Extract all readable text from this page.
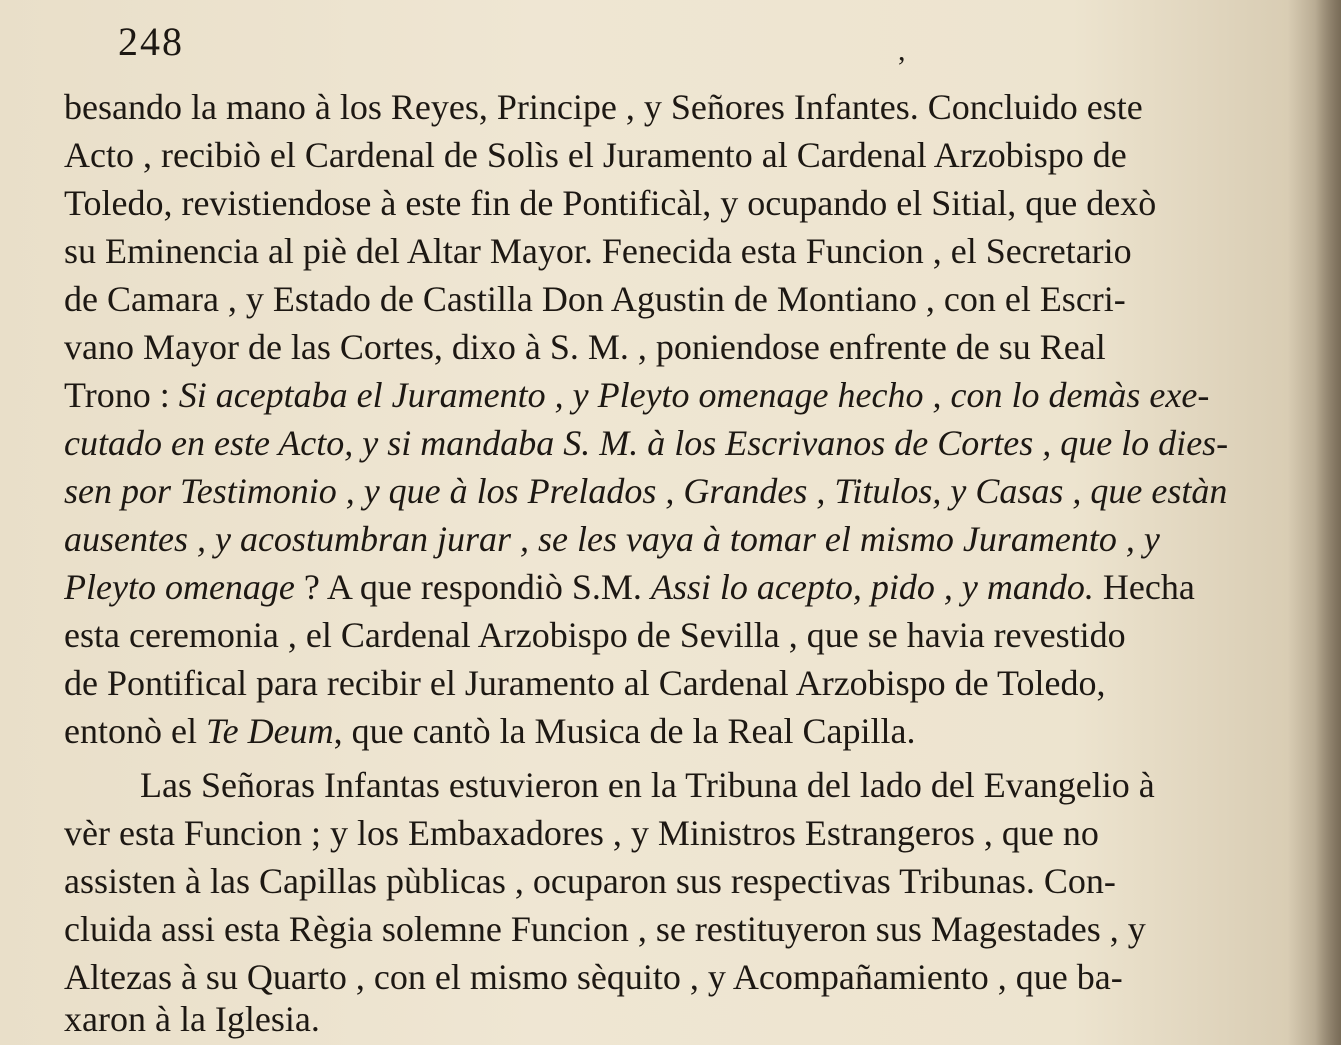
248	,
besando la mano à los Reyes, Principe , y Señores Infantes. Concluido este
Acto , recibiò el Cardenal de Solìs el Juramento al Cardenal Arzobispo de
Toledo, revistiendose à este fin de Pontificàl, y ocupando el Sitial, que dexò
su Eminencia al piè del Altar Mayor. Fenecida esta Funcion , el Secretario
de Camara , y Estado de Castilla Don Agustin de Montiano , con el Escri-
vano Mayor de las Cortes, dixo à S. M. , poniendose enfrente de su Real
Trono : Si aceptaba el Juramento , y Pleyto omenage hecho , con lo demàs exe-
cutado en este Acto, y si mandaba S. M. à los Escrivanos de Cortes , que lo dies-
sen por Testimonio , y que à los Prelados , Grandes , Titulos, y Casas , que estàn
ausentes , y acostumbran jurar , se les vaya à tomar el mismo Juramento , y
Pleyto omenage ? A que respondiò S.M. Assi lo acepto, pido , y mando. Hecha
esta ceremonia , el Cardenal Arzobispo de Sevilla , que se havia revestido
de Pontifical para recibir el Juramento al Cardenal Arzobispo de Toledo,
entonò el Te Deum, que cantò la Musica de la Real Capilla.
Las Señoras Infantas estuvieron en la Tribuna del lado del Evangelio à
vèr esta Funcion ; y los Embaxadores , y Ministros Estrangeros , que no
assisten à las Capillas pùblicas , ocuparon sus respectivas Tribunas. Con-
cluida assi esta Règia solemne Funcion , se restituyeron sus Magestades , y
Altezas à su Quarto , con el mismo sèquito , y Acompañamiento , que ba-
xaron à la Iglesia.
